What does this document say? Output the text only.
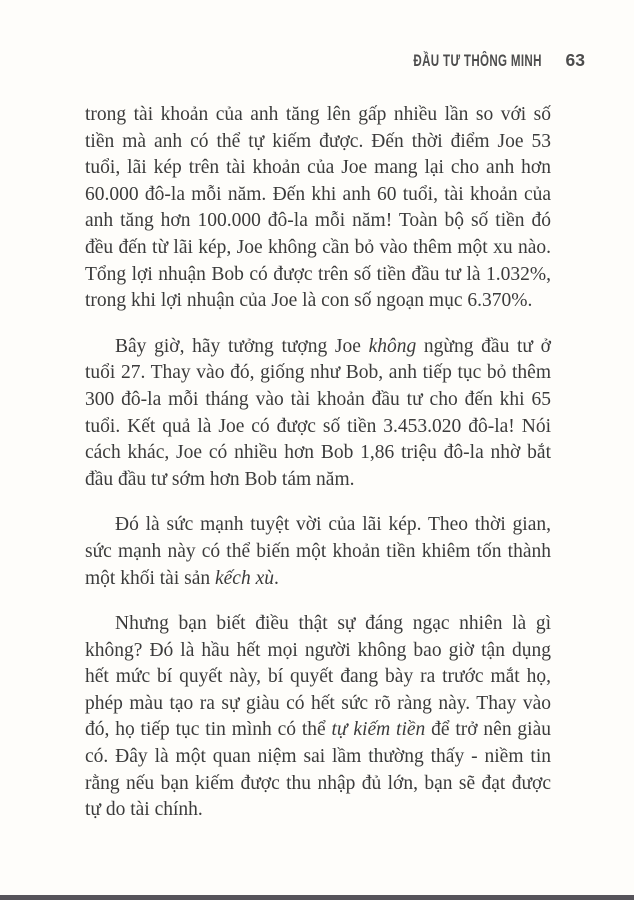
ĐẦU TƯ THÔNG MINH 63

trong tài khoản của anh tăng lên gấp nhiều lần so với số tiền mà anh có thể tự kiếm được. Đến thời điểm Joe 53 tuổi, lãi kép trên tài khoản của Joe mang lại cho anh hơn 60.000 đô-la mỗi năm. Đến khi anh 60 tuổi, tài khoản của anh tăng hơn 100.000 đô-la mỗi năm! Toàn bộ số tiền đó đều đến từ lãi kép, Joe không cần bỏ vào thêm một xu nào. Tổng lợi nhuận Bob có được trên số tiền đầu tư là 1.032%, trong khi lợi nhuận của Joe là con số ngoạn mục 6.370%.

Bây giờ, hãy tưởng tượng Joe không ngừng đầu tư ở tuổi 27. Thay vào đó, giống như Bob, anh tiếp tục bỏ thêm 300 đô-la mỗi tháng vào tài khoản đầu tư cho đến khi 65 tuổi. Kết quả là Joe có được số tiền 3.453.020 đô-la! Nói cách khác, Joe có nhiều hơn Bob 1,86 triệu đô-la nhờ bắt đầu đầu tư sớm hơn Bob tám năm.

Đó là sức mạnh tuyệt vời của lãi kép. Theo thời gian, sức mạnh này có thể biến một khoản tiền khiêm tốn thành một khối tài sản kếch xù.

Nhưng bạn biết điều thật sự đáng ngạc nhiên là gì không? Đó là hầu hết mọi người không bao giờ tận dụng hết mức bí quyết này, bí quyết đang bày ra trước mắt họ, phép màu tạo ra sự giàu có hết sức rõ ràng này. Thay vào đó, họ tiếp tục tin mình có thể tự kiếm tiền để trở nên giàu có. Đây là một quan niệm sai lầm thường thấy - niềm tin rằng nếu bạn kiếm được thu nhập đủ lớn, bạn sẽ đạt được tự do tài chính.
